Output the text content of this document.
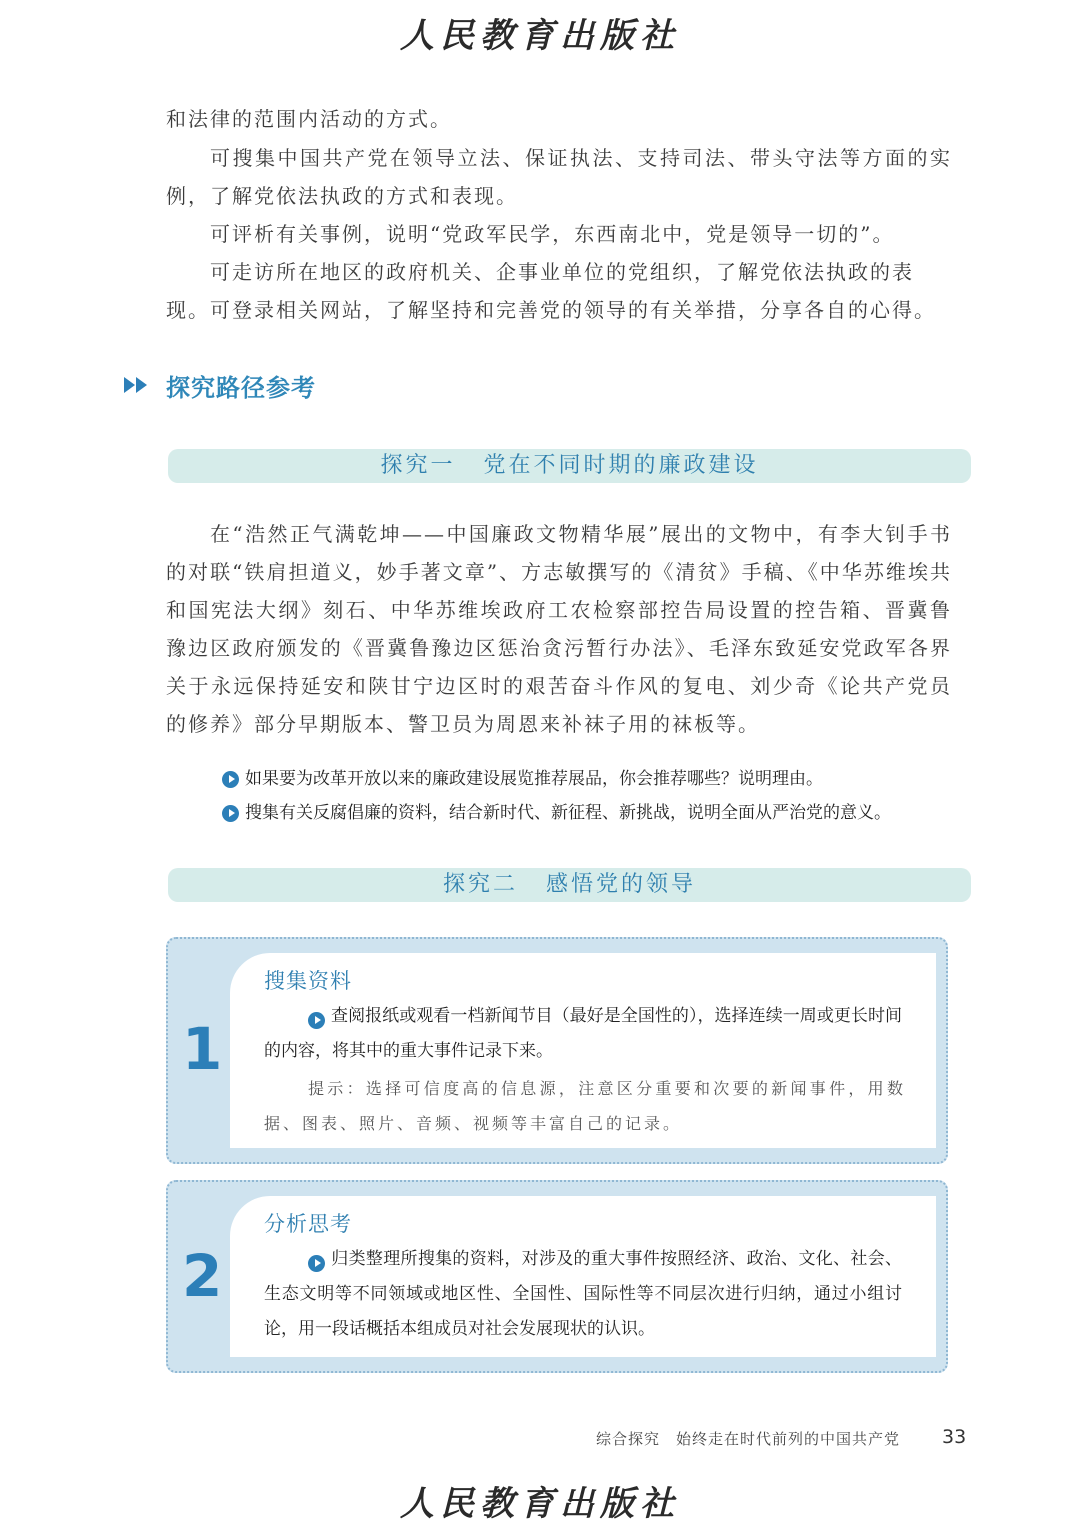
人民教育出版社

和法律的范围内活动的方式。

可搜集中国共产党在领导立法、保证执法、支持司法、带头守法等方面的实例，了解党依法执政的方式和表现。

可评析有关事例，说明“党政军民学，东西南北中，党是领导一切的”。

可走访所在地区的政府机关、企事业单位的党组织，了解党依法执政的表现。 可登录相关网站，了解坚持和完善党的领导的有关举措，分享各自的心得。

探究路径参考
探究一 党在不同时期的廉政建设

在“浩然正气满乾坤——中国廉政文物精华展”展出的文物中，有李大钊手书的对联“铁肩担道义，妙手著文章”、方志敏撰写的《清贫》手稿、《中华苏维埃共和国宪法大纲》刻石、中华苏维埃政府工农检察部控告局设置的控告箱、晋冀鲁豫边区政府颁发的《晋冀鲁豫边区惩治贪污暂行办法》、毛泽东致延安党政军各界关于永远保持延安和陕甘宁边区时的艰苦奋斗作风的复电、刘少奇《论共产党员的修养》部分早期版本、警卫员为周恩来补袜子用的袜板等。

如果要为改革开放以来的廉政建设展览推荐展品，你会推荐哪些？说明理由。
搜集有关反腐倡廉的资料，结合新时代、新征程、新挑战，说明全面从严治党的意义。
探究二 感悟党的领导
1
搜集资料

查阅报纸或观看一档新闻节目（最好是全国性的），选择连续一周或更长时间的内容，将其中的重大事件记录下来。

提示：选择可信度高的信息源，注意区分重要和次要的新闻事件，用数据、图表、照片、音频、视频等丰富自己的记录。

2
分析思考

归类整理所搜集的资料，对涉及的重大事件按照经济、政治、文化、社会、生态文明等不同领域或地区性、全国性、国际性等不同层次进行归纳，通过小组讨论，用一段话概括本组成员对社会发展现状的认识。

综合探究 始终走在时代前列的中国共产党 33
人民教育出版社
